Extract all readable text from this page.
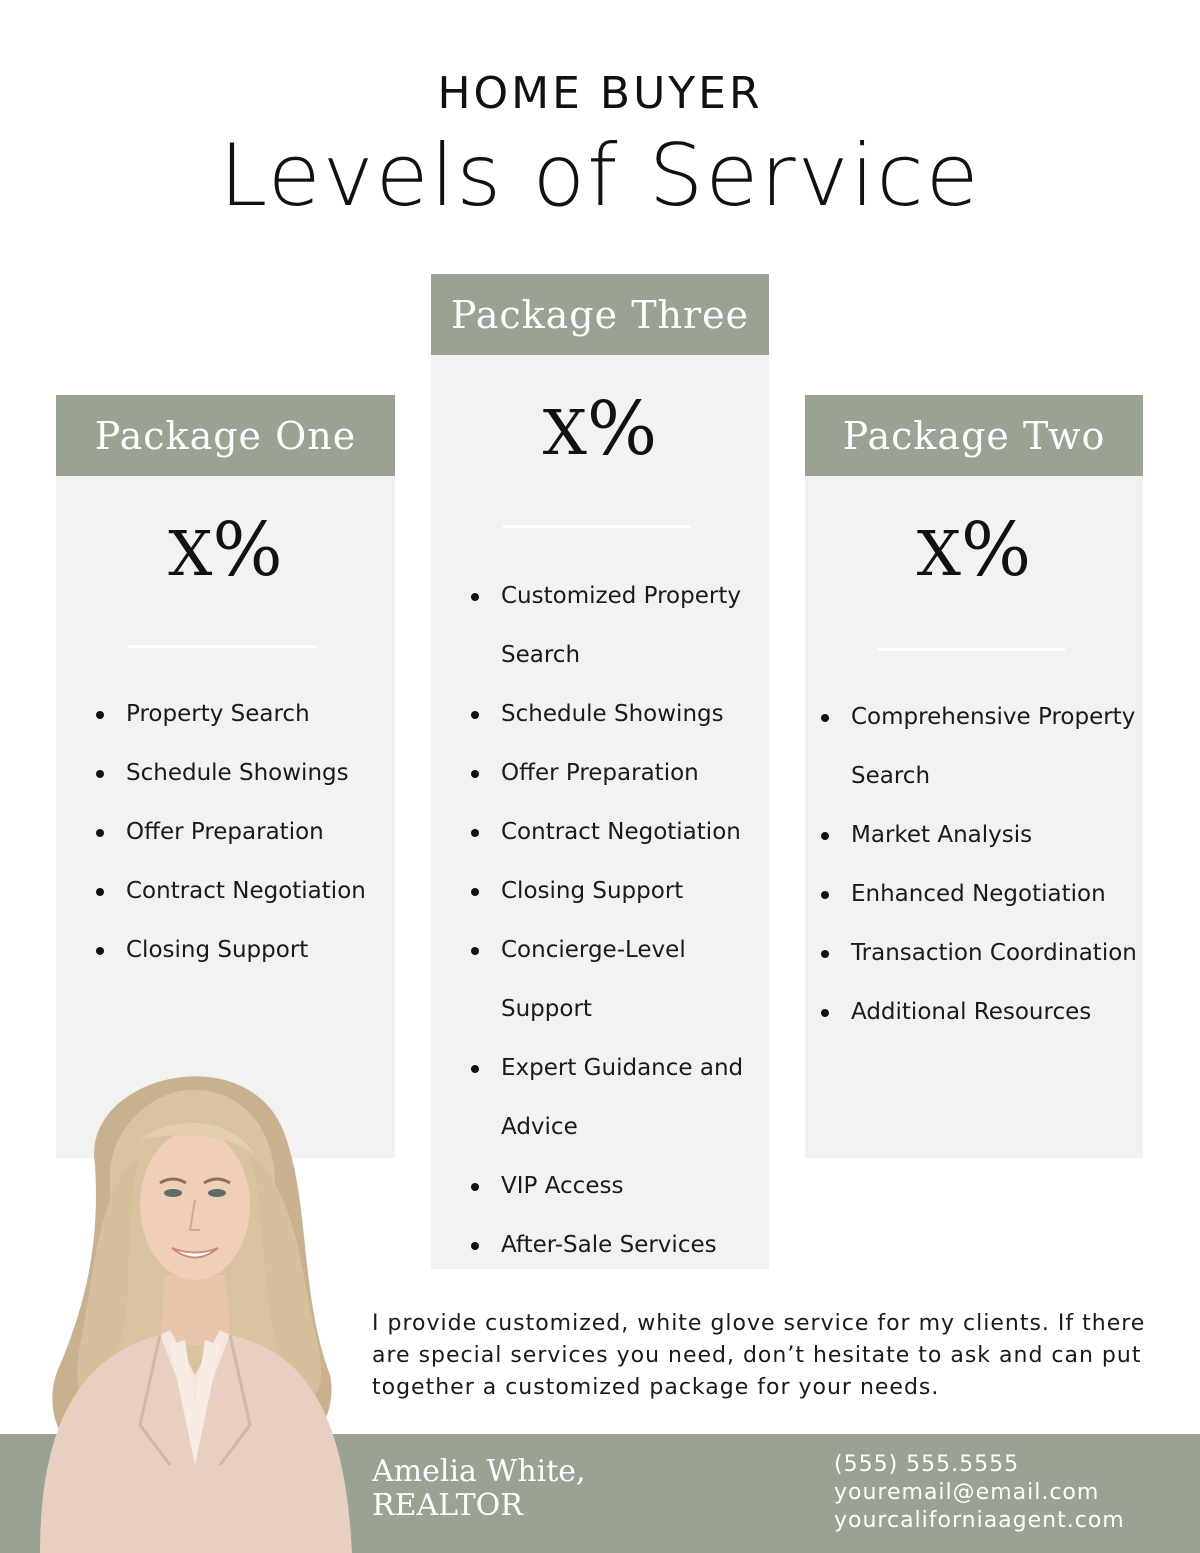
HOME BUYER
Levels of Service
Package One
X%
Property Search
Schedule Showings
Offer Preparation
Contract Negotiation
Closing Support
Package Three
X%
Customized Property Search
Schedule Showings
Offer Preparation
Contract Negotiation
Closing Support
Concierge-Level Support
Expert Guidance and Advice
VIP Access
After-Sale Services
Package Two
X%
Comprehensive Property Search
Market Analysis
Enhanced Negotiation
Transaction Coordination
Additional Resources
I provide customized, white glove service for my clients. If there are special services you need, don’t hesitate to ask and can put together a customized package for your needs.
Amelia White,
REALTOR
(555) 555.5555
youremail@email.com
yourcaliforniaagent.com
